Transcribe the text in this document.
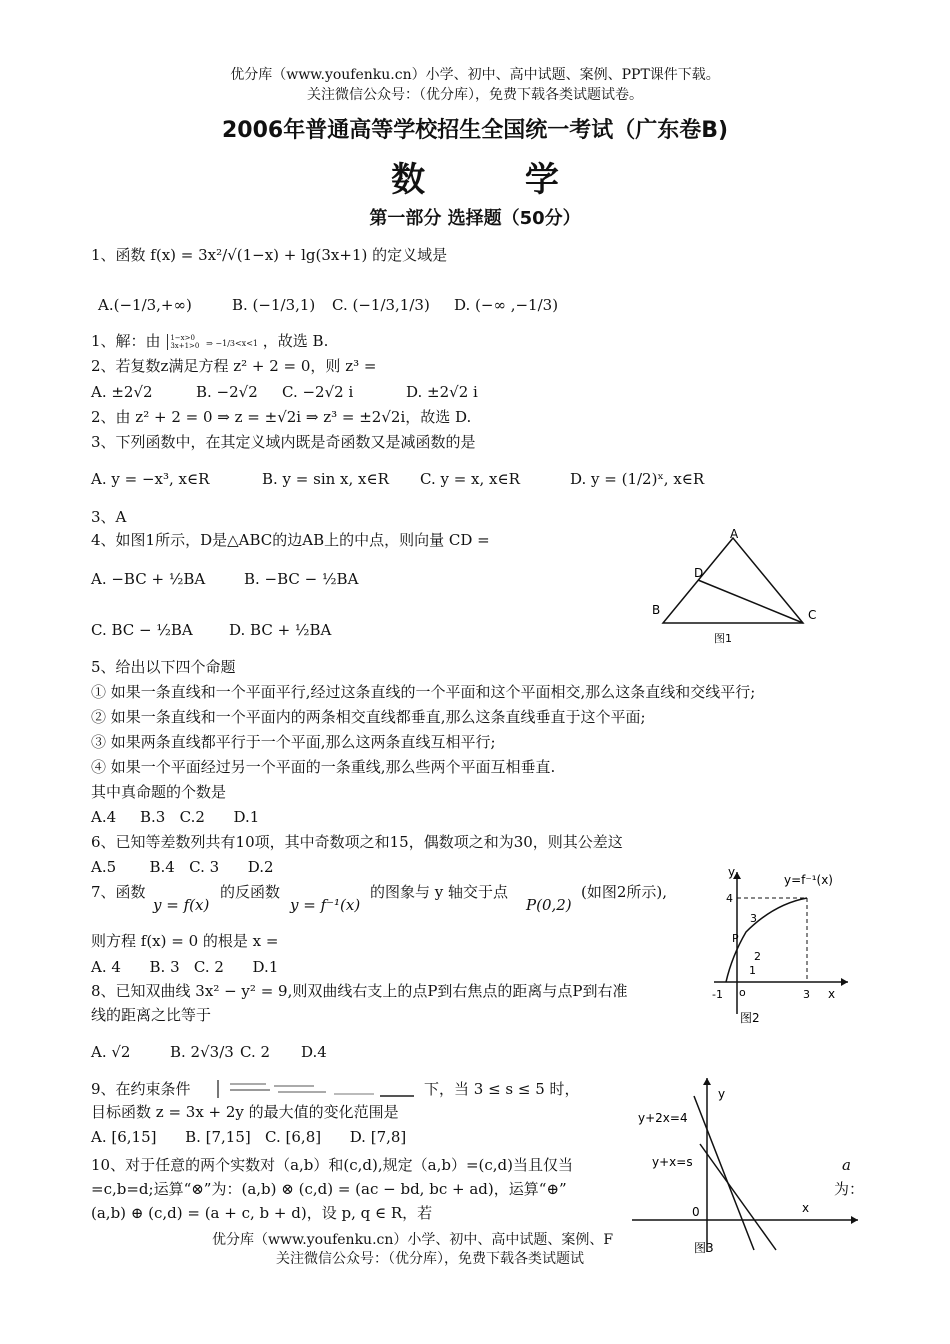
优分库（www.youfenku.cn）小学、初中、高中试题、案例、PPT课件下载。
关注微信公众号：（优分库），免费下载各类试题试卷。
2006年普通高等学校招生全国统一考试（广东卷B)
数 学
第一部分 选择题（50分）
1、函数 f(x) = 3x²/√(1−x) + lg(3x+1) 的定义域是
A.(−1/3,+∞)	B. (−1/3,1) C. (−1/3,1/3) D. (−∞ ,−1/3)
1、解：由 1−x>0
3x+1>0 ⇒ −1/3<x<1 ，故选 B.
2、若复数z满足方程 z² + 2 = 0，则 z³ =
A. ±2√2	B. −2√2 C. −2√2 i	D. ±2√2 i
2、由 z² + 2 = 0 ⇒ z = ±√2i ⇒ z³ = ±2√2i，故选 D.
3、下列函数中，在其定义域内既是奇函数又是减函数的是
A. y = −x³, x∈R	B. y = sin x, x∈R C. y = x, x∈R	D. y = (1/2)ˣ, x∈R
3、A
4、如图1所示，D是△ABC的边AB上的中点，则向量 CD =
A. −BC + ½BA	B. −BC − ½BA
C. BC − ½BA D. BC + ½BA
A
B	C
D
图1
5、给出以下四个命题
① 如果一条直线和一个平面平行,经过这条直线的一个平面和这个平面相交,那么这条直线和交线平行;
② 如果一条直线和一个平面内的两条相交直线都垂直,那么这条直线垂直于这个平面;
③ 如果两条直线都平行于一个平面,那么这两条直线互相平行;
④ 如果一个平面经过另一个平面的一条重线,那么些两个平面互相垂直.
其中真命题的个数是
A.4     B.3   C.2      D.1
6、已知等差数列共有10项，其中奇数项之和15，偶数项之和为30，则其公差这
A.5       B.4   C. 3      D.2
7、函数
y = f(x)
的反函数
y = f⁻¹(x)
的图象与 y 轴交于点
P(0,2)
(如图2所示),
则方程 f(x) = 0 的根是 x =
A. 4      B. 3   C. 2      D.1
y
x
o
-1	3
4
P
1
2
3
y=f⁻¹(x)
图2
8、已知双曲线 3x² − y² = 9,则双曲线右支上的点P到右焦点的距离与点P到右准
线的距离之比等于
A. √2	B. 2√3/3 C. 2 D.4
9、在约束条件	下，当 3 ≤ s ≤ 5 时，
目标函数 z = 3x + 2y 的最大值的变化范围是
A. [6,15]      B. [7,15]   C. [6,8]      D. [7,8]
y
x
0
y+2x=4
y+x=s
图3
10、对于任意的两个实数对（a,b）和(c,d),规定（a,b）=(c,d)当且仅当	a
=c,b=d;运算“⊗”为：(a,b) ⊗ (c,d) = (ac − bd, bc + ad)，运算“⊕”	为：
(a,b) ⊕ (c,d) = (a + c, b + d)，设 p, q ∈ R，若
优分库（www.youfenku.cn）小学、初中、高中试题、案例、F
关注微信公众号：（优分库），免费下载各类试题试
